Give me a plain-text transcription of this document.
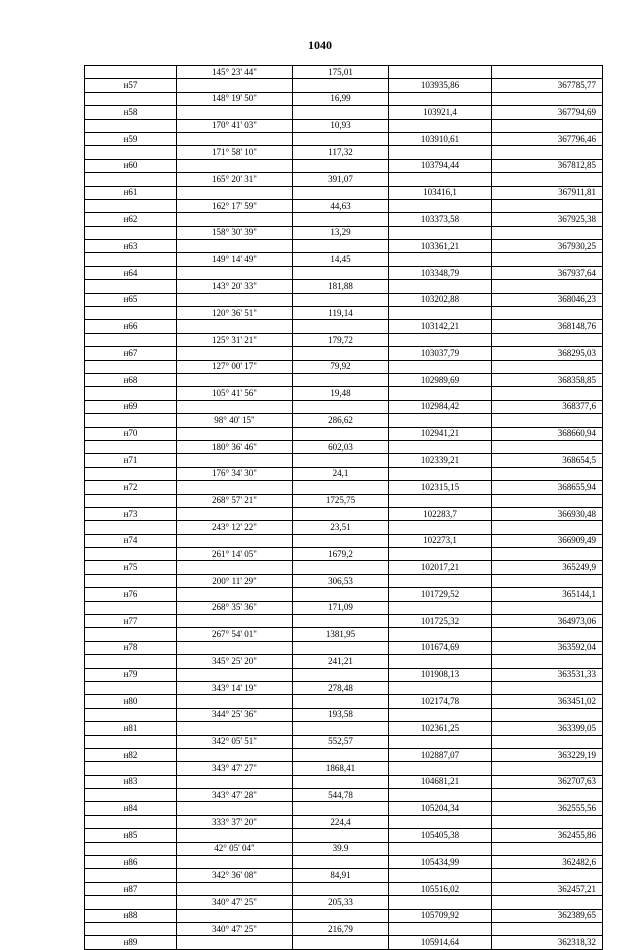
1040
	145° 23' 44"	175,01		
н57			103935,86	367785,77
	148° 19' 50"	16,99		
н58			103921,4	367794,69
	170° 41' 03"	10,93		
н59			103910,61	367796,46
	171° 58' 10"	117,32		
н60			103794,44	367812,85
	165° 20' 31"	391,07		
н61			103416,1	367911,81
	162° 17' 59"	44,63		
н62			103373,58	367925,38
	158° 30' 39"	13,29		
н63			103361,21	367930,25
	149° 14' 49"	14,45		
н64			103348,79	367937,64
	143° 20' 33"	181,88		
н65			103202,88	368046,23
	120° 36' 51"	119,14		
н66			103142,21	368148,76
	125° 31' 21"	179,72		
н67			103037,79	368295,03
	127° 00' 17"	79,92		
н68			102989,69	368358,85
	105° 41' 56"	19,48		
н69			102984,42	368377,6
	98° 40' 15"	286,62		
н70			102941,21	368660,94
	180° 36' 46"	602,03		
н71			102339,21	368654,5
	176° 34' 30"	24,1		
н72			102315,15	368655,94
	268° 57' 21"	1725,75		
н73			102283,7	366930,48
	243° 12' 22"	23,51		
н74			102273,1	366909,49
	261° 14' 05"	1679,2		
н75			102017,21	365249,9
	200° 11' 29"	306,53		
н76			101729,52	365144,1
	268° 35' 36"	171,09		
н77			101725,32	364973,06
	267° 54' 01"	1381,95		
н78			101674,69	363592,04
	345° 25' 20"	241,21		
н79			101908,13	363531,33
	343° 14' 19"	278,48		
н80			102174,78	363451,02
	344° 25' 36"	193,58		
н81			102361,25	363399,05
	342° 05' 51"	552,57		
н82			102887,07	363229,19
	343° 47' 27"	1868,41		
н83			104681,21	362707,63
	343° 47' 28"	544,78		
н84			105204,34	362555,56
	333° 37' 20"	224,4		
н85			105405,38	362455,86
	42° 05' 04"	39.9		
н86			105434,99	362482,6
	342° 36' 08"	84,91		
н87			105516,02	362457,21
	340° 47' 25"	205,33		
н88			105709,92	362389,65
	340° 47' 25"	216,79		
н89			105914,64	362318,32
